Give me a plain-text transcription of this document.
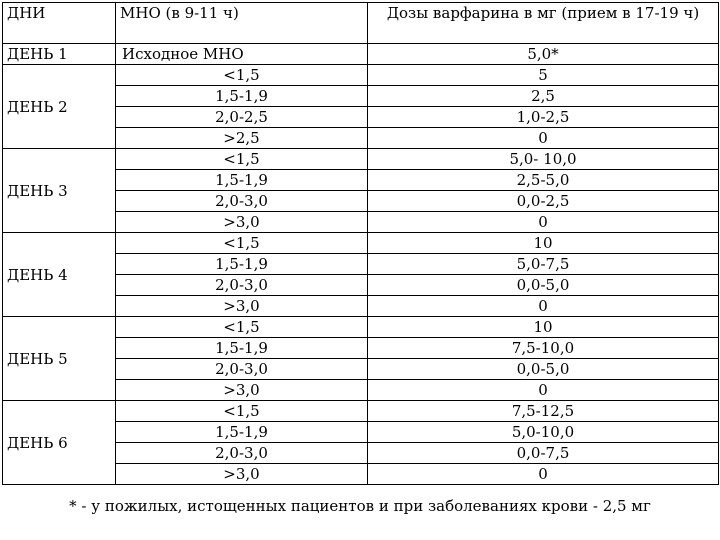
ДНИ	МНО (в 9-11 ч)	Дозы варфарина в мг (прием в 17-19 ч)
ДЕНЬ 1	Исходное МНО	5,0*
ДЕНЬ 2	<1,5	5
	1,5-1,9	2,5
	2,0-2,5	1,0-2,5
	>2,5	0
ДЕНЬ 3	<1,5	5,0- 10,0
	1,5-1,9	2,5-5,0
	2,0-3,0	0,0-2,5
	>3,0	0
ДЕНЬ 4	<1,5	10
	1,5-1,9	5,0-7,5
	2,0-3,0	0,0-5,0
	>3,0	0
ДЕНЬ 5	<1,5	10
	1,5-1,9	7,5-10,0
	2,0-3,0	0,0-5,0
	>3,0	0
ДЕНЬ 6	<1,5	7,5-12,5
	1,5-1,9	5,0-10,0
	2,0-3,0	0,0-7,5
	>3,0	0
* - у пожилых, истощенных пациентов и при заболеваниях крови - 2,5 мг
